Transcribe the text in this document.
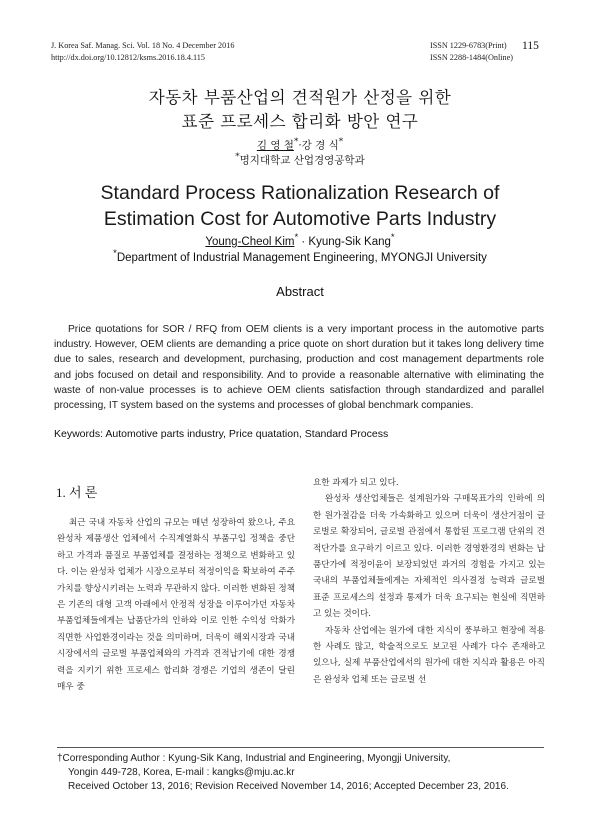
J. Korea Saf. Manag. Sci. Vol. 18 No. 4 December 2016
http://dx.doi.org/10.12812/ksms.2016.18.4.115
ISSN 1229-6783(Print)
ISSN 2288-1484(Online)
115
자동차 부품산업의 견적원가 산정을 위한
표준 프로세스 합리화 방안 연구
김 영 철*·강 경 식*
*명지대학교 산업경영공학과
Standard Process Rationalization Research of
Estimation Cost for Automotive Parts Industry
Young-Cheol Kim* · Kyung-Sik Kang*
*Department of Industrial Management Engineering, MYONGJI University
Abstract
Price quotations for SOR / RFQ from OEM clients is a very important process in the automotive parts industry. However, OEM clients are demanding a price quote on short duration but it takes long delivery time due to sales, research and development, purchasing, production and cost management departments role and jobs focused on detail and responsibility. And to provide a reasonable alternative with eliminating the waste of non-value processes is to achieve OEM clients satisfaction through standardized and parallel processing, IT system based on the systems and processes of global benchmark companies.
Keywords: Automotive parts industry, Price quatation, Standard Process
1. 서 론

최근 국내 자동차 산업의 규모는 매년 성장하여 왔으나, 주요 완성차 제품생산 업체에서 수직계열화식 부품구입 정책을 중단하고 가격과 품질로 부품업체를 결정하는 정책으로 변화하고 있다. 이는 완성차 업체가 시장으로부터 적정이익을 확보하여 주주가치를 향상시키려는 노력과 무관하지 않다. 이러한 변화된 정책은 기존의 대형 고객 아래에서 안정적 성장을 이루어가던 자동차 부품업체들에게는 납품단가의 인하와 이로 인한 수익성 악화가 직면한 사업환경이라는 것을 의미하며, 더욱이 해외시장과 국내시장에서의 글로벌 부품업체와의 가격과 견적납기에 대한 경쟁력을 지키기 위한 프로세스 합리화 경쟁은 기업의 생존이 달린 매우 중

요한 과제가 되고 있다.

완성차 생산업체들은 설계원가와 구매목표가의 인하에 의한 원가절감을 더욱 가속화하고 있으며 더욱이 생산거점이 글로벌로 확장되어, 글로벌 관점에서 통합된 프로그램 단위의 견적단가를 요구하기 이르고 있다. 이러한 경영환경의 변화는 납품단가에 적정이윤이 보장되었던 과거의 경험을 가지고 있는 국내의 부품업체들에게는 자체적인 의사결정 능력과 글로벌 표준 프로세스의 설정과 통제가 더욱 요구되는 현실에 직면하고 있는 것이다.

자동차 산업에는 원가에 대한 지식이 풍부하고 현장에 적용한 사례도 많고, 학술적으로도 보고된 사례가 다수 존재하고 있으나, 실제 부품산업에서의 원가에 대한 지식과 활용은 아직은 완성차 업체 또는 글로벌 선

†Corresponding Author : Kyung-Sik Kang, Industrial and Engineering, Myongji University,
Yongin 449-728, Korea, E-mail : kangks@mju.ac.kr
Received October 13, 2016; Revision Received November 14, 2016; Accepted December 23, 2016.
